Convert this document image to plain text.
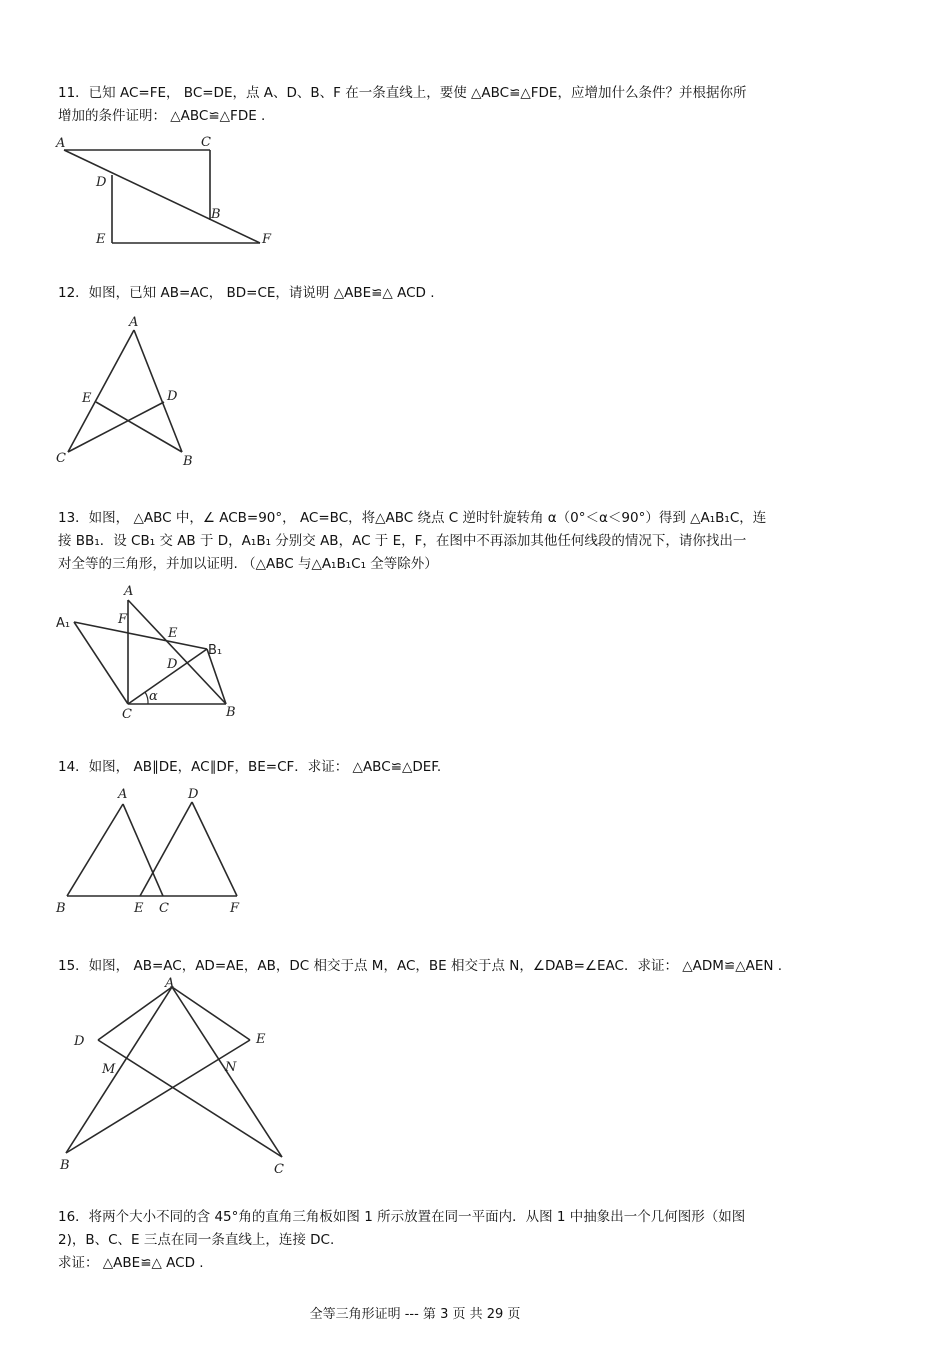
11．已知 AC=FE， BC=DE，点 A、D、B、F 在一条直线上，要使 △ABC≌△FDE，应增加什么条件？并根据你所
增加的条件证明： △ABC≌△FDE .
A	C
D
B
E	F
12．如图，已知 AB=AC， BD=CE，请说明 △ABE≌△ ACD .
A
E	D
C	B
13．如图， △ABC 中，∠ ACB=90°， AC=BC，将△ABC 绕点 C 逆时针旋转角 α（0°＜α＜90°）得到 △A₁B₁C，连
接 BB₁．设 CB₁ 交 AB 于 D，A₁B₁ 分别交 AB，AC 于 E，F，在图中不再添加其他任何线段的情况下，请你找出一
对全等的三角形，并加以证明. （△ABC 与△A₁B₁C₁ 全等除外）
A
A₁	F
E
D
B₁
C	B
α
14．如图， AB∥DE，AC∥DF，BE=CF．求证： △ABC≌△DEF.
A	D
B	E C	F
15．如图， AB=AC，AD=AE，AB，DC 相交于点 M，AC，BE 相交于点 N，∠DAB=∠EAC．求证： △ADM≌△AEN .
A
D	E
M	N
B	C
16．将两个大小不同的含 45°角的直角三角板如图 1 所示放置在同一平面内．从图 1 中抽象出一个几何图形（如图
2)，B、C、E 三点在同一条直线上，连接 DC.
求证： △ABE≌△ ACD .
全等三角形证明 --- 第 3 页 共 29 页
